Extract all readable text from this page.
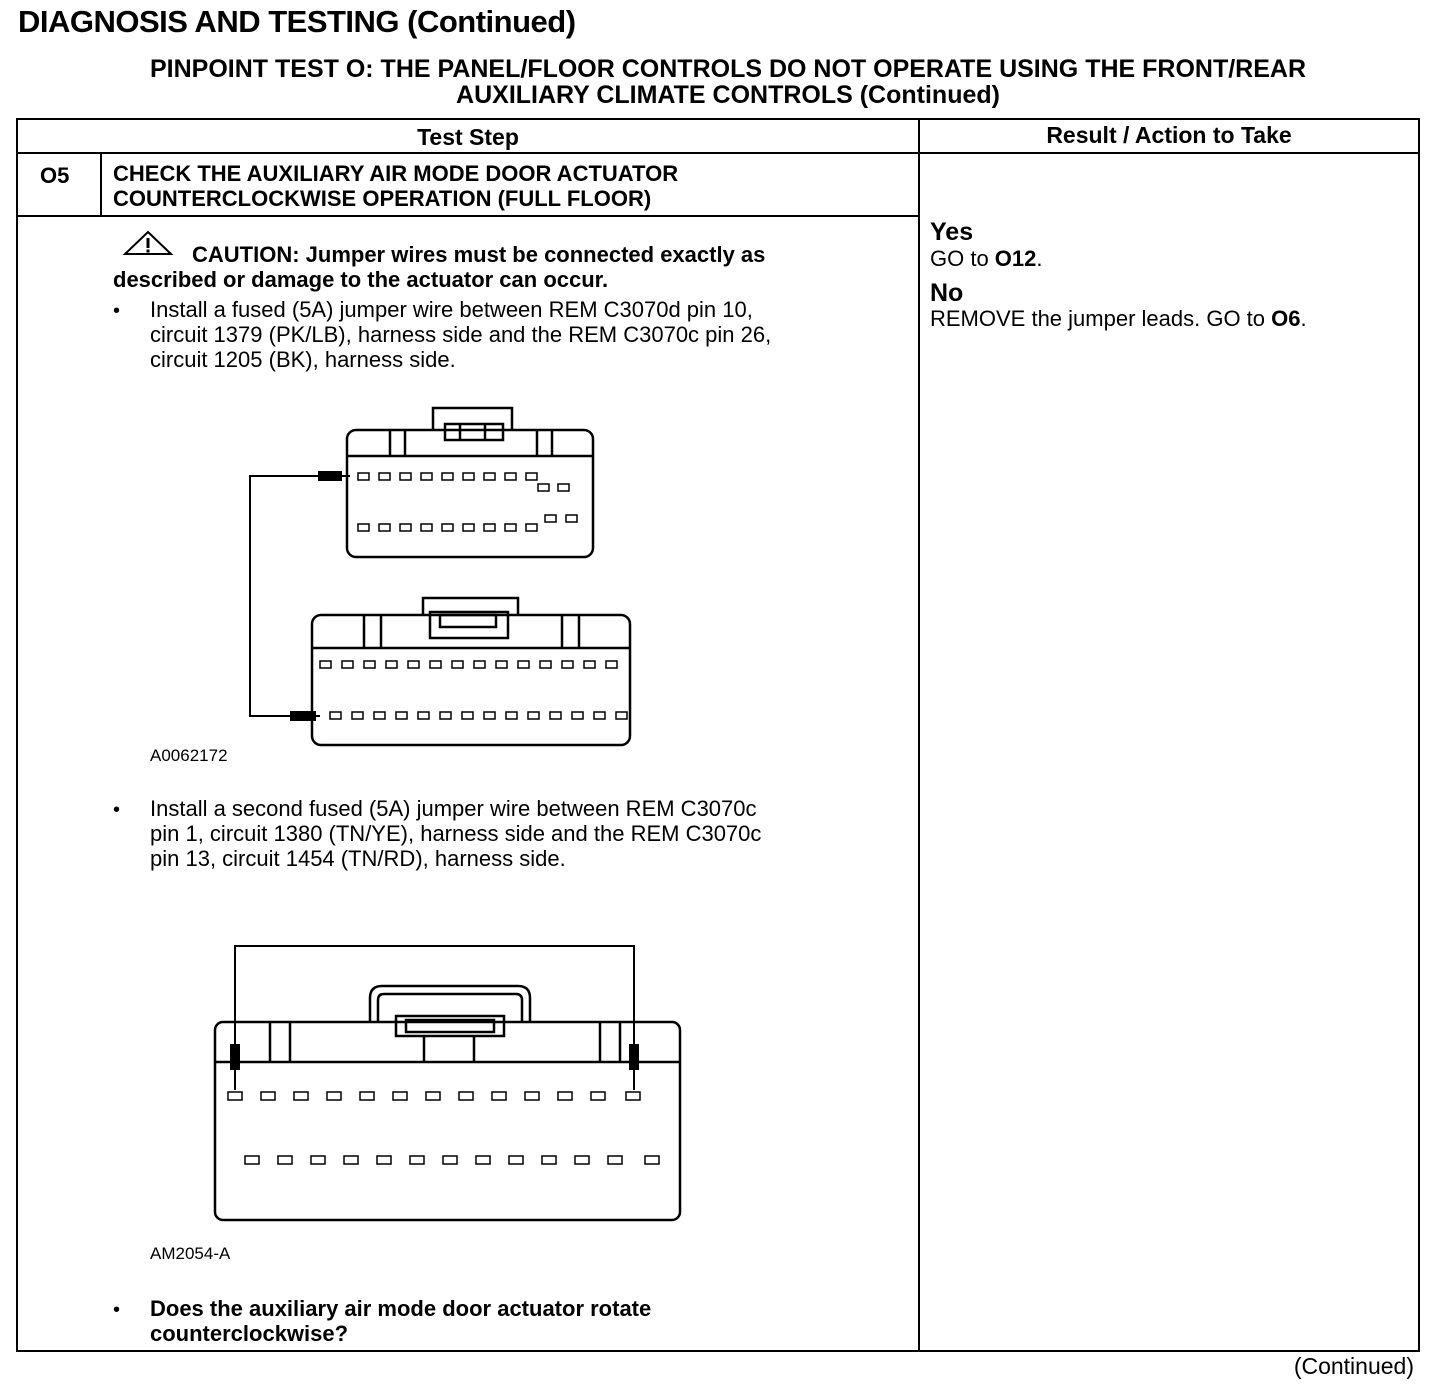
DIAGNOSIS AND TESTING (Continued)
PINPOINT TEST O: THE PANEL/FLOOR CONTROLS DO NOT OPERATE USING THE FRONT/REAR
AUXILIARY CLIMATE CONTROLS (Continued)
Test Step	Result / Action to Take
O5 CHECK THE AUXILIARY AIR MODE DOOR ACTUATOR
COUNTERCLOCKWISE OPERATION (FULL FLOOR)
CAUTION: Jumper wires must be connected exactly as
described or damage to the actuator can occur.
• Install a fused (5A) jumper wire between REM C3070d pin 10,
circuit 1379 (PK/LB), harness side and the REM C3070c pin 26,
circuit 1205 (BK), harness side.
A0062172
• Install a second fused (5A) jumper wire between REM C3070c
pin 1, circuit 1380 (TN/YE), harness side and the REM C3070c
pin 13, circuit 1454 (TN/RD), harness side.
AM2054-A
• Does the auxiliary air mode door actuator rotate
counterclockwise?
Yes
GO to O12.
No
REMOVE the jumper leads. GO to O6.
(Continued)
